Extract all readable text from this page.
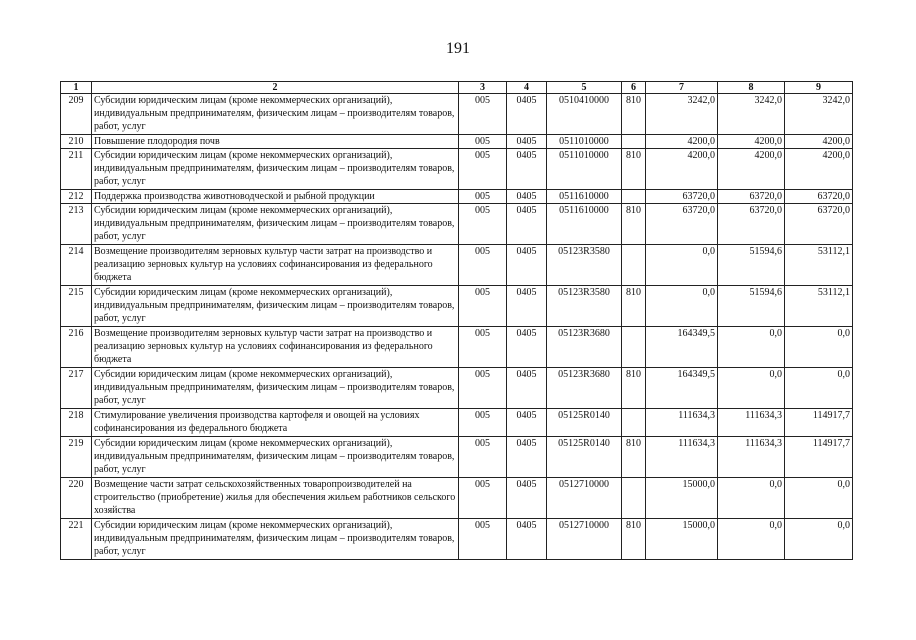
191
1	2	3	4	5	6	7	8	9
209	Субсидии юридическим лицам (кроме некоммерческих организаций), индивидуальным предпринимателям, физическим лицам – производителям товаров, работ, услуг	005	0405	0510410000	810	3242,0	3242,0	3242,0
210	Повышение плодородия почв	005	0405	0511010000		4200,0	4200,0	4200,0
211	Субсидии юридическим лицам (кроме некоммерческих организаций), индивидуальным предпринимателям, физическим лицам – производителям товаров, работ, услуг	005	0405	0511010000	810	4200,0	4200,0	4200,0
212	Поддержка производства животноводческой и рыбной продукции	005	0405	0511610000		63720,0	63720,0	63720,0
213	Субсидии юридическим лицам (кроме некоммерческих организаций), индивидуальным предпринимателям, физическим лицам – производителям товаров, работ, услуг	005	0405	0511610000	810	63720,0	63720,0	63720,0
214	Возмещение производителям зерновых культур части затрат на производство и реализацию зерновых культур на условиях софинансирования из федерального бюджета	005	0405	05123R3580		0,0	51594,6	53112,1
215	Субсидии юридическим лицам (кроме некоммерческих организаций), индивидуальным предпринимателям, физическим лицам – производителям товаров, работ, услуг	005	0405	05123R3580	810	0,0	51594,6	53112,1
216	Возмещение производителям зерновых культур части затрат на производство и реализацию зерновых культур на условиях софинансирования из федерального бюджета	005	0405	05123R3680		164349,5	0,0	0,0
217	Субсидии юридическим лицам (кроме некоммерческих организаций), индивидуальным предпринимателям, физическим лицам – производителям товаров, работ, услуг	005	0405	05123R3680	810	164349,5	0,0	0,0
218	Стимулирование увеличения производства картофеля и овощей на условиях софинансирования из федерального бюджета	005	0405	05125R0140		111634,3	111634,3	114917,7
219	Субсидии юридическим лицам (кроме некоммерческих организаций), индивидуальным предпринимателям, физическим лицам – производителям товаров, работ, услуг	005	0405	05125R0140	810	111634,3	111634,3	114917,7
220	Возмещение части затрат сельскохозяйственных товаропроизводителей на строительство (приобретение) жилья для обеспечения жильем работников сельского хозяйства	005	0405	0512710000		15000,0	0,0	0,0
221	Субсидии юридическим лицам (кроме некоммерческих организаций), индивидуальным предпринимателям, физическим лицам – производителям товаров, работ, услуг	005	0405	0512710000	810	15000,0	0,0	0,0
